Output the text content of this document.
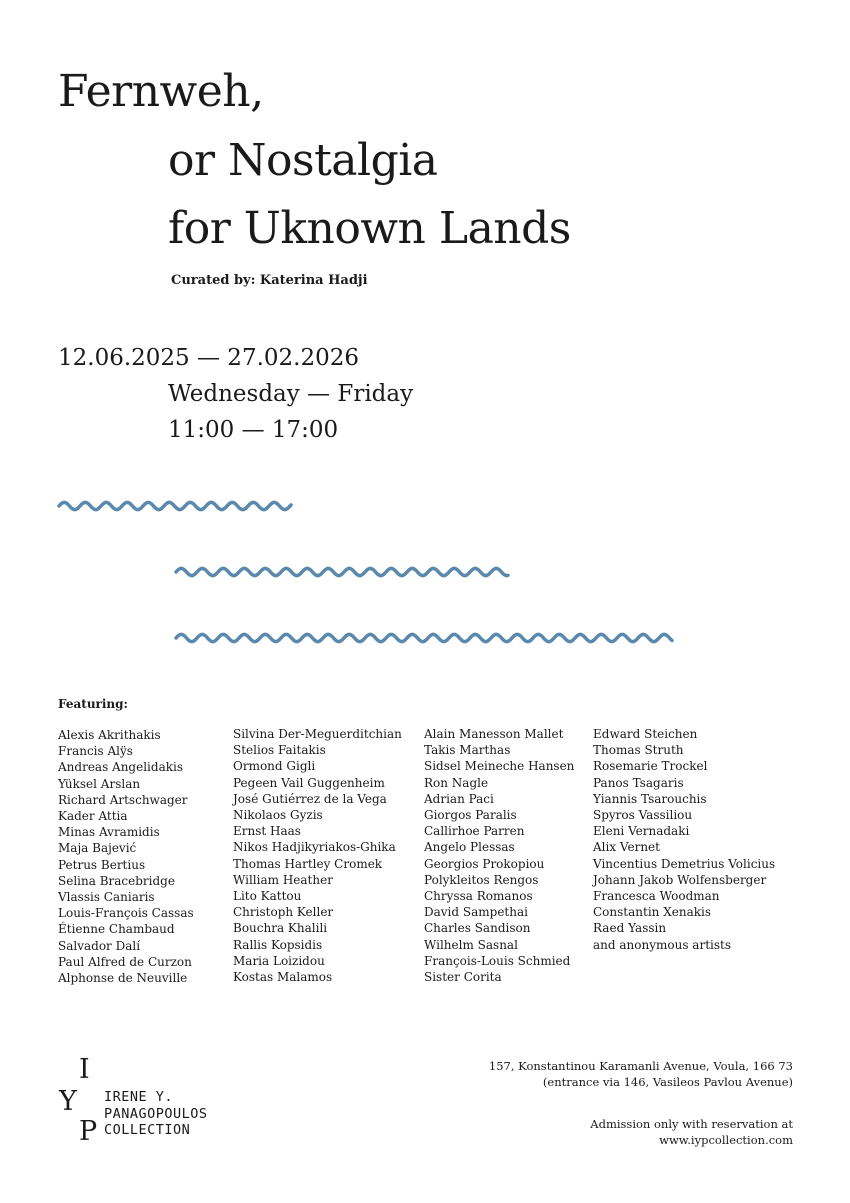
Fernweh,
or Nostalgia
for Uknown Lands
Curated by: Katerina Hadji
12.06.2025 — 27.02.2026
Wednesday — Friday
11:00 — 17:00
Featuring:
Alexis Akrithakis
Francis Alÿs
Andreas Angelidakis
Yüksel Arslan
Richard Artschwager
Kader Attia
Minas Avramidis
Maja Bajević
Petrus Bertius
Selina Bracebridge
Vlassis Caniaris
Louis-François Cassas
Étienne Chambaud
Salvador Dalí
Paul Alfred de Curzon
Alphonse de Neuville
Silvina Der-Meguerditchian
Stelios Faitakis
Ormond Gigli
Pegeen Vail Guggenheim
José Gutiérrez de la Vega
Nikolaos Gyzis
Ernst Haas
Nikos Hadjikyriakos-Ghika
Thomas Hartley Cromek
William Heather
Lito Kattou
Christoph Keller
Bouchra Khalili
Rallis Kopsidis
Maria Loizidou
Kostas Malamos
Alain Manesson Mallet
Takis Marthas
Sidsel Meineche Hansen
Ron Nagle
Adrian Paci
Giorgos Paralis
Callirhoe Parren
Angelo Plessas
Georgios Prokopiou
Polykleitos Rengos
Chryssa Romanos
David Sampethai
Charles Sandison
Wilhelm Sasnal
François-Louis Schmied
Sister Corita
Edward Steichen
Thomas Struth
Rosemarie Trockel
Panos Tsagaris
Yiannis Tsarouchis
Spyros Vassiliou
Eleni Vernadaki
Alix Vernet
Vincentius Demetrius Volicius
Johann Jakob Wolfensberger
Francesca Woodman
Constantin Xenakis
Raed Yassin
and anonymous artists
I
Y
P
IRENE Y.
PANAGOPOULOS
COLLECTION
157, Konstantinou Karamanli Avenue, Voula, 166 73
(entrance via 146, Vasileos Pavlou Avenue)
Admission only with reservation at
www.iypcollection.com
